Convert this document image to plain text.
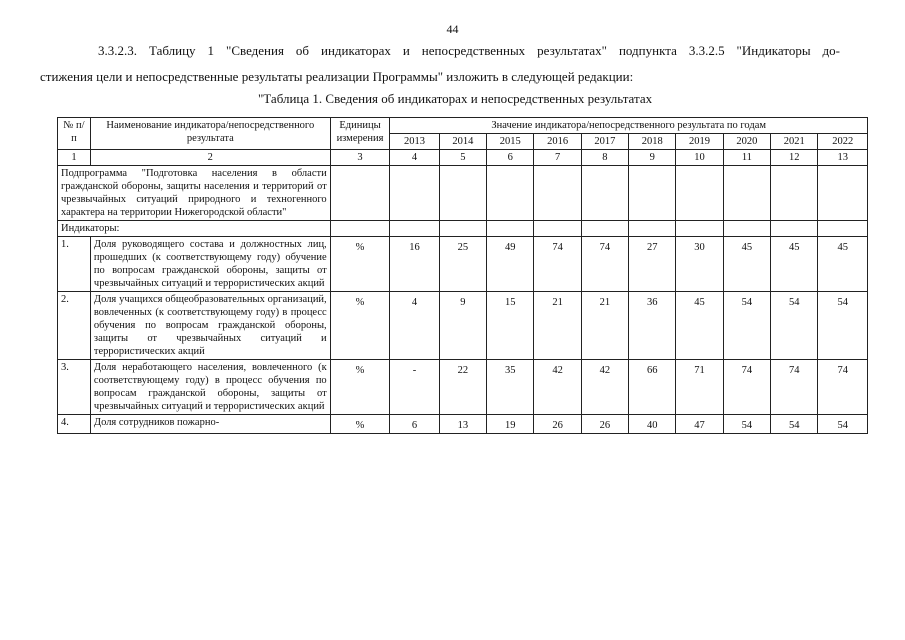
44
3.3.2.3. Таблицу 1 "Сведения об индикаторах и непосредственных результатах" подпункта 3.3.2.5 "Индикаторы до-
стижения цели и непосредственные результаты реализации Программы" изложить в следующей редакции:
"Таблица 1. Сведения об индикаторах и непосредственных результатах
№ п/п	Наименование индикатора/непосредственного результата	Единицы измерения	Значение индикатора/непосредственного результата по годам									
			2013	2014	2015	2016	2017	2018	2019	2020	2021	2022
1	2	3	4	5	6	7	8	9	10	11	12	13
Подпрограмма "Подготовка населения в области гражданской обороны, защиты населения и территорий от чрезвычайных ситуаций природного и техногенного характера на территории Нижегородской области"												
Индикаторы:												
1.	Доля руководящего состава и должностных лиц, прошедших (к соответствующему году) обучение по вопросам гражданской обороны, защиты от чрезвычайных ситуаций и террористических акций	%	16	25	49	74	74	27	30	45	45	45
2.	Доля учащихся общеобразовательных организаций, вовлеченных (к соответствующему году) в процесс обучения по вопросам гражданской обороны, защиты от чрезвычайных ситуаций и террористических акций	%	4	9	15	21	21	36	45	54	54	54
3.	Доля неработающего населения, вовлеченного (к соответствующему году) в процесс обучения по вопросам гражданской обороны, защиты от чрезвычайных ситуаций и террористических акций	%	-	22	35	42	42	66	71	74	74	74
4.	Доля сотрудников пожарно-	%	6	13	19	26	26	40	47	54	54	54
